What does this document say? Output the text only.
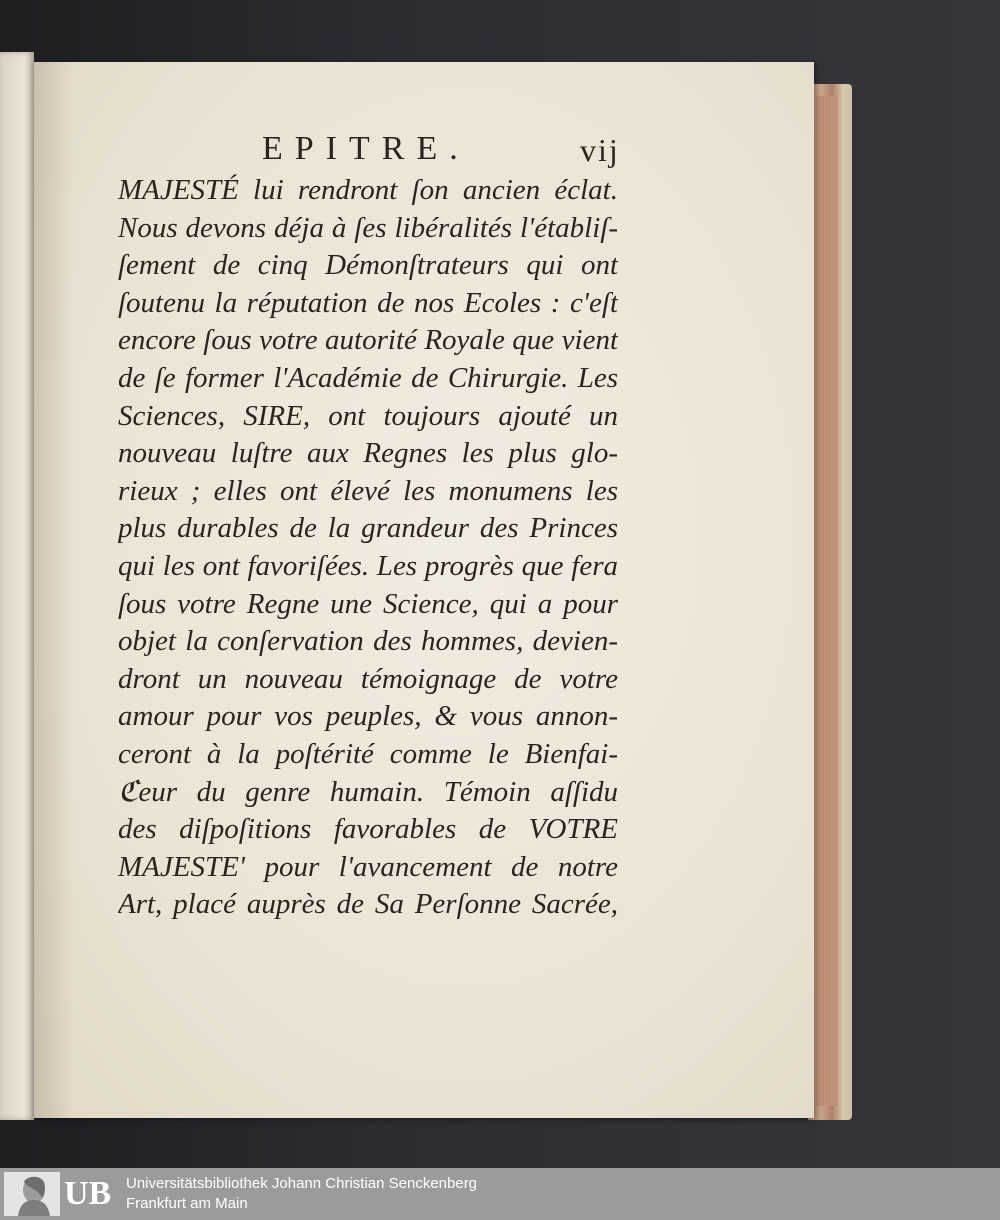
EPITRE.	vij
MAJESTÉ lui rendront ſon ancien éclat.
Nous devons déja à ſes libéralités l'établiſ-
ſement de cinq Démonſtrateurs qui ont
ſoutenu la réputation de nos Ecoles : c'eſt
encore ſous votre autorité Royale que vient
de ſe former l'Académie de Chirurgie. Les
Sciences, SIRE, ont toujours ajouté un
nouveau luſtre aux Regnes les plus glo-
rieux ; elles ont élevé les monumens les
plus durables de la grandeur des Princes
qui les ont favoriſées. Les progrès que fera
ſous votre Regne une Science, qui a pour
objet la conſervation des hommes, devien-
dront un nouveau témoignage de votre
amour pour vos peuples, & vous annon-
ceront à la poſtérité comme le Bienfai-
ℭeur du genre humain. Témoin aſſidu
des diſpoſitions favorables de VOTRE
MAJESTE' pour l'avancement de notre
Art, placé auprès de Sa Perſonne Sacrée,
UB Universitätsbibliothek Johann Christian Senckenberg
Frankfurt am Main
